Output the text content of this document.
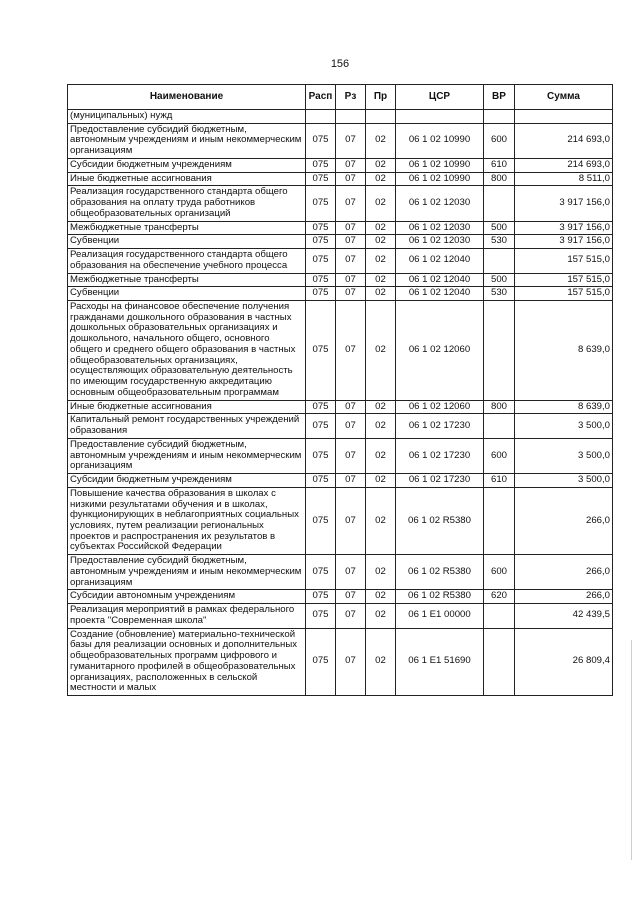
156
Наименование	Расп	Рз	Пр	ЦСР	ВР	Сумма
(муниципальных) нужд						
Предоставление субсидий бюджетным, автономным учреждениям и иным некоммерческим организациям	075	07	02	06 1 02 10990	600	214 693,0
Субсидии бюджетным учреждениям	075	07	02	06 1 02 10990	610	214 693,0
Иные бюджетные ассигнования	075	07	02	06 1 02 10990	800	8 511,0
Реализация государственного стандарта общего образования на оплату труда работников общеобразовательных организаций	075	07	02	06 1 02 12030		3 917 156,0
Межбюджетные трансферты	075	07	02	06 1 02 12030	500	3 917 156,0
Субвенции	075	07	02	06 1 02 12030	530	3 917 156,0
Реализация государственного стандарта общего образования на обеспечение учебного процесса	075	07	02	06 1 02 12040		157 515,0
Межбюджетные трансферты	075	07	02	06 1 02 12040	500	157 515,0
Субвенции	075	07	02	06 1 02 12040	530	157 515,0
Расходы на финансовое обеспечение получения гражданами дошкольного образования в частных дошкольных образовательных организациях и дошкольного, начального общего, основного общего и среднего общего образования в частных общеобразовательных организациях, осуществляющих образовательную деятельность по имеющим государственную аккредитацию основным общеобразовательным программам	075	07	02	06 1 02 12060		8 639,0
Иные бюджетные ассигнования	075	07	02	06 1 02 12060	800	8 639,0
Капитальный ремонт государственных учреждений образования	075	07	02	06 1 02 17230		3 500,0
Предоставление субсидий бюджетным, автономным учреждениям и иным некоммерческим организациям	075	07	02	06 1 02 17230	600	3 500,0
Субсидии бюджетным учреждениям	075	07	02	06 1 02 17230	610	3 500,0
Повышение качества образования в школах с низкими результатами обучения и в школах, функционирующих в неблагоприятных социальных условиях, путем реализации региональных проектов и распространения их результатов в субъектах Российской Федерации	075	07	02	06 1 02 R5380		266,0
Предоставление субсидий бюджетным, автономным учреждениям и иным некоммерческим организациям	075	07	02	06 1 02 R5380	600	266,0
Субсидии автономным учреждениям	075	07	02	06 1 02 R5380	620	266,0
Реализация мероприятий в рамках федерального проекта "Современная школа"	075	07	02	06 1 E1 00000		42 439,5
Создание (обновление) материально-технической базы для реализации основных и дополнительных общеобразовательных программ цифрового и гуманитарного профилей в общеобразовательных организациях, расположенных в сельской местности и малых	075	07	02	06 1 E1 51690		26 809,4
